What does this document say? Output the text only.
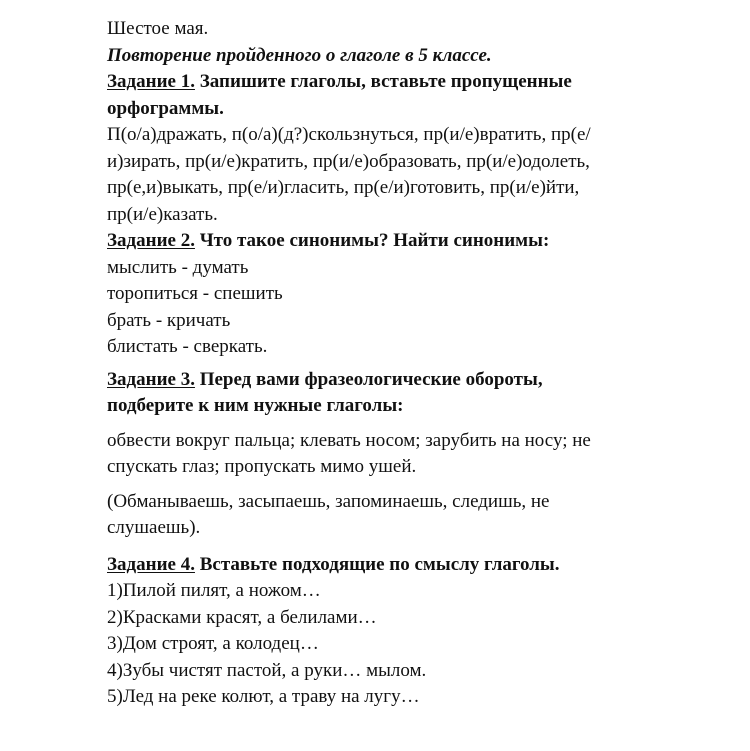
Шестое мая.
Повторение пройденного о глаголе в 5 классе.
Задание 1. Запишите глаголы, вставьте пропущенные
орфограммы.
П(о/а)дражать, п(о/а)(д?)скользнуться, пр(и/е)вратить, пр(е/
и)зирать, пр(и/е)кратить, пр(и/е)образовать, пр(и/е)одолеть,
пр(е,и)выкать, пр(е/и)гласить, пр(е/и)готовить, пр(и/е)йти,
пр(и/е)казать.
Задание 2. Что такое синонимы? Найти синонимы:
мыслить - думать
торопиться - спешить
брать - кричать
блистать - сверкать.
Задание 3. Перед вами фразеологические обороты,
подберите к ним нужные глаголы:
обвести вокруг пальца; клевать носом; зарубить на носу; не
спускать глаз; пропускать мимо ушей.
(Обманываешь, засыпаешь, запоминаешь, следишь, не
слушаешь).
Задание 4. Вставьте подходящие по смыслу глаголы.
1)Пилой пилят, а ножом…
2)Красками красят, а белилами…
3)Дом строят, а колодец…
4)Зубы чистят пастой, а руки… мылом.
5)Лед на реке колют, а траву на лугу…
